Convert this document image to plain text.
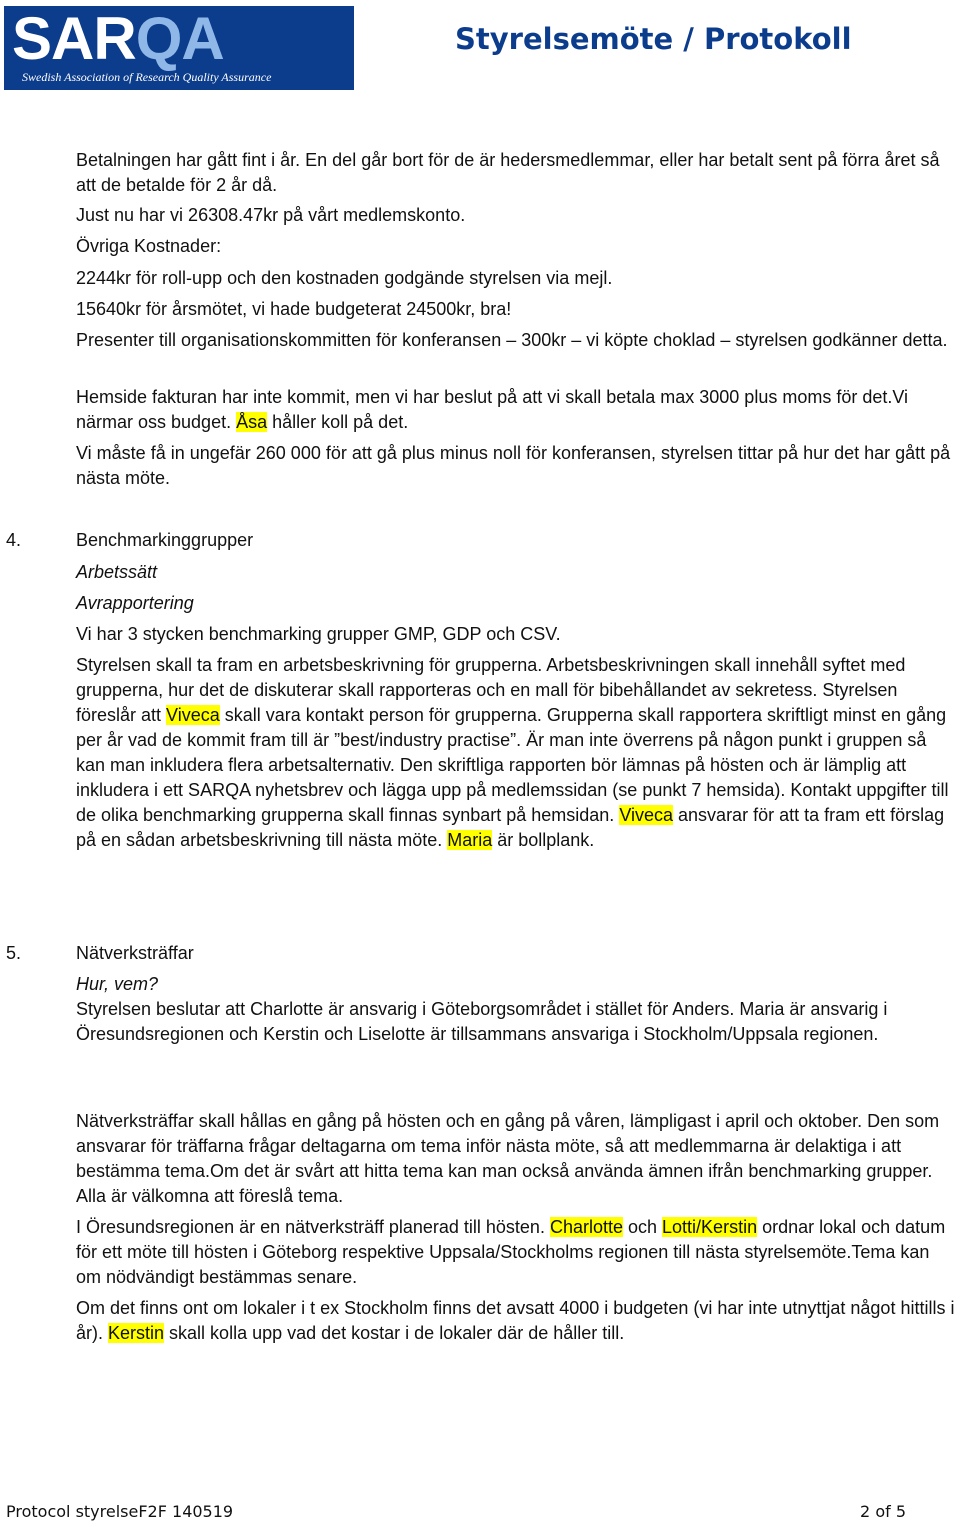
SARQA
Swedish Association of Research Quality Assurance
Styrelsemöte / Protokoll

Betalningen har gått fint i år. En del går bort för de är hedersmedlemmar, eller har betalt sent på förra året så att de betalde för 2 år då.

Just nu har vi 26308.47kr på vårt medlemskonto.

Övriga Kostnader:

2244kr för roll-upp och den kostnaden godgände styrelsen via mejl.

15640kr för årsmötet, vi hade budgeterat 24500kr, bra!

Presenter till organisationskommitten för konferansen – 300kr – vi köpte choklad – styrelsen godkänner detta.

Hemside fakturan har inte kommit, men vi har beslut på att vi skall betala max 3000 plus moms för det.Vi närmar oss budget. Åsa håller koll på det.

Vi måste få in ungefär 260 000 för att gå plus minus noll för konferansen, styrelsen tittar på hur det har gått på nästa möte.

4.	Benchmarkinggrupper

Arbetssätt

Avrapportering

Vi har 3 stycken benchmarking grupper GMP, GDP och CSV.

Styrelsen skall ta fram en arbetsbeskrivning för grupperna. Arbetsbeskrivningen skall innehåll syftet med grupperna, hur det de diskuterar skall rapporteras och en mall för bibehållandet av sekretess. Styrelsen föreslår att Viveca skall vara kontakt person för grupperna. Grupperna skall rapportera skriftligt minst en gång per år vad de kommit fram till är ”best/industry practise”. Är man inte överrens på någon punkt i gruppen så kan man inkludera flera arbetsalternativ. Den skriftliga rapporten bör lämnas på hösten och är lämplig att inkludera i ett SARQA nyhetsbrev och lägga upp på medlemssidan (se punkt 7 hemsida). Kontakt uppgifter till de olika benchmarking grupperna skall finnas synbart på hemsidan. Viveca ansvarar för att ta fram ett förslag på en sådan arbetsbeskrivning till nästa möte. Maria är bollplank.

5.	Nätverksträffar

Hur, vem?

Styrelsen beslutar att Charlotte är ansvarig i Göteborgsområdet i stället för Anders. Maria är ansvarig i Öresundsregionen och Kerstin och Liselotte är tillsammans ansvariga i Stockholm/Uppsala regionen.

Nätverksträffar skall hållas en gång på hösten och en gång på våren, lämpligast i april och oktober. Den som ansvarar för träffarna frågar deltagarna om tema inför nästa möte, så att medlemmarna är delaktiga i att bestämma tema.Om det är svårt att hitta tema kan man också använda ämnen ifrån benchmarking grupper. Alla är välkomna att föreslå tema.

I Öresundsregionen är en nätverksträff planerad till hösten. Charlotte och Lotti/Kerstin ordnar lokal och datum för ett möte till hösten i Göteborg respektive Uppsala/Stockholms regionen till nästa styrelsemöte.Tema kan om nödvändigt bestämmas senare.

Om det finns ont om lokaler i t ex Stockholm finns det avsatt 4000 i budgeten (vi har inte utnyttjat något hittills i år). Kerstin skall kolla upp vad det kostar i de lokaler där de håller till.

Protocol styrelseF2F 140519	2 of 5
